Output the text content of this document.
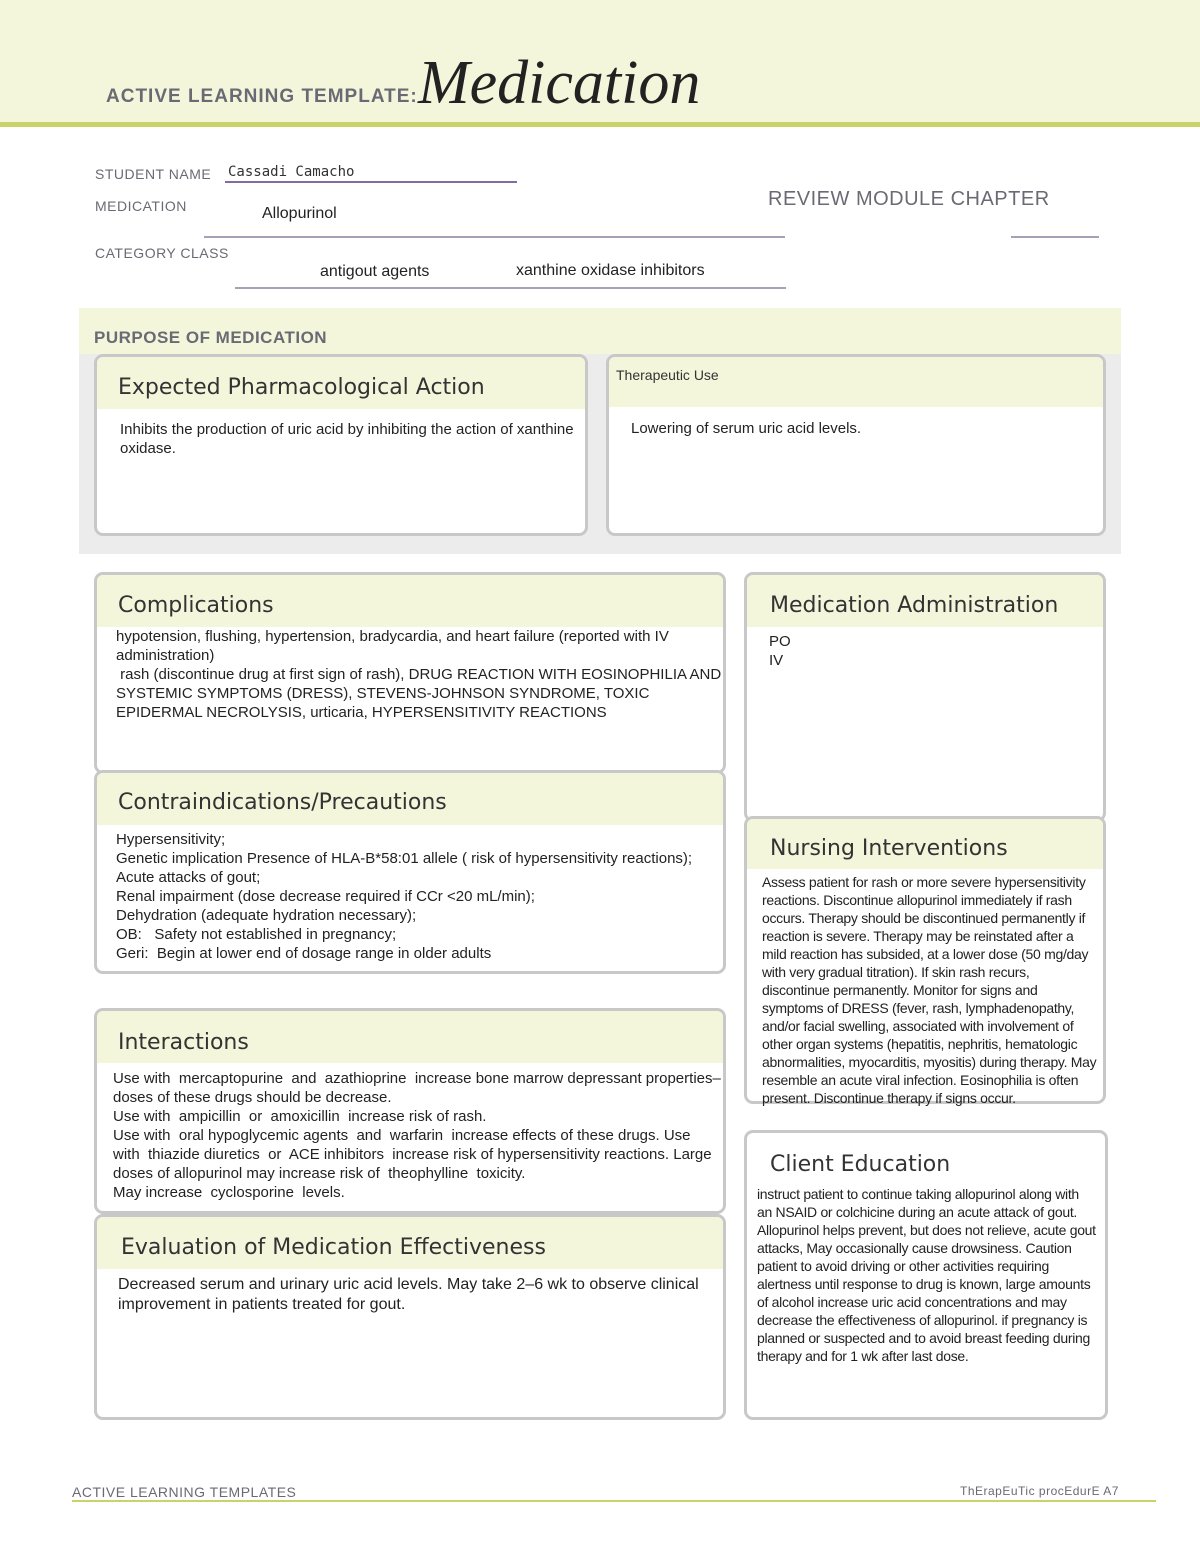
ACTIVE LEARNING TEMPLATE: Medication
STUDENT NAME Cassadi Camacho
MEDICATION	Allopurinol
REVIEW MODULE CHAPTER
CATEGORY CLASS
antigout agents	xanthine oxidase inhibitors
PURPOSE OF MEDICATION
Expected Pharmacological Action
Inhibits the production of uric acid by inhibiting the action of xanthine oxidase.
Therapeutic Use
Lowering of serum uric acid levels.
Complications

hypotension, flushing, hypertension, bradycardia, and heart failure (reported with IV administration)

rash (discontinue drug at first sign of rash), DRUG REACTION WITH EOSINOPHILIA AND SYSTEMIC SYMPTOMS (DRESS), STEVENS-JOHNSON SYNDROME, TOXIC EPIDERMAL NECROLYSIS, urticaria, HYPERSENSITIVITY REACTIONS

Contraindications/Precautions

Hypersensitivity;

Genetic implication Presence of HLA-B*58:01 allele ( risk of hypersensitivity reactions); Acute attacks of gout;

Renal impairment (dose decrease required if CCr <20 mL/min);

Dehydration (adequate hydration necessary);

OB:   Safety not established in pregnancy;

Geri:  Begin at lower end of dosage range in older adults

Interactions

Use with  mercaptopurine  and  azathioprine  increase bone marrow depressant properties–doses of these drugs should be decrease.

Use with  ampicillin  or  amoxicillin  increase risk of rash.

Use with  oral hypoglycemic agents  and  warfarin  increase effects of these drugs. Use with  thiazide diuretics  or  ACE inhibitors  increase risk of hypersensitivity reactions. Large doses of allopurinol may increase risk of  theophylline  toxicity.

May increase  cyclosporine  levels.

Evaluation of Medication Effectiveness
Decreased serum and urinary uric acid levels. May take 2–6 wk to observe clinical improvement in patients treated for gout.
Medication Administration

PO

IV

Nursing Interventions
Assess patient for rash or more severe hypersensitivity reactions. Discontinue allopurinol immediately if rash occurs. Therapy should be discontinued permanently if reaction is severe. Therapy may be reinstated after a mild reaction has subsided, at a lower dose (50 mg/day with very gradual titration). If skin rash recurs, discontinue permanently. Monitor for signs and symptoms of DRESS (fever, rash, lymphadenopathy, and/or facial swelling, associated with involvement of other organ systems (hepatitis, nephritis, hematologic abnormalities, myocarditis, myositis) during therapy. May resemble an acute viral infection. Eosinophilia is often present. Discontinue therapy if signs occur.
Client Education
instruct patient to continue taking allopurinol along with an NSAID or colchicine during an acute attack of gout. Allopurinol helps prevent, but does not relieve, acute gout attacks, May occasionally cause drowsiness. Caution patient to avoid driving or other activities requiring alertness until response to drug is known, large amounts of alcohol increase uric acid concentrations and may decrease the effectiveness of allopurinol. if pregnancy is planned or suspected and to avoid breast feeding during therapy and for 1 wk after last dose.
ACTIVE LEARNING TEMPLATES	ThErapEuTic procEdurE A7
